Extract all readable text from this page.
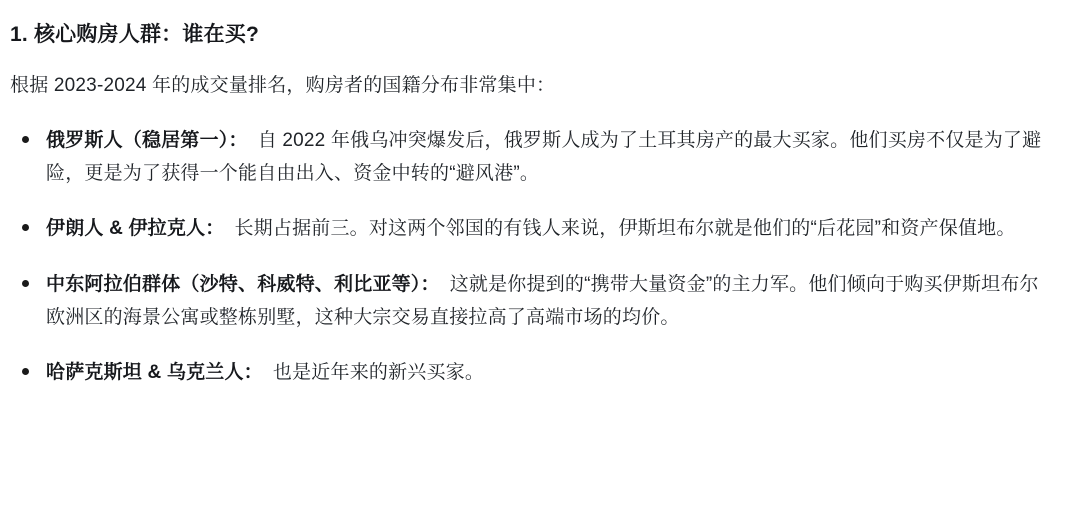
1. 核心购房人群：谁在买?

根据 2023-2024 年的成交量排名，购房者的国籍分布非常集中：

俄罗斯人（稳居第一）： 自 2022 年俄乌冲突爆发后，俄罗斯人成为了土耳其房产的最大买家。他们买房不仅是为了避险，更是为了获得一个能自由出入、资金中转的“避风港”。
伊朗人 & 伊拉克人： 长期占据前三。对这两个邻国的有钱人来说，伊斯坦布尔就是他们的“后花园”和资产保值地。
中东阿拉伯群体（沙特、科威特、利比亚等）： 这就是你提到的“携带大量资金”的主力军。他们倾向于购买伊斯坦布尔欧洲区的海景公寓或整栋别墅，这种大宗交易直接拉高了高端市场的均价。
哈萨克斯坦 & 乌克兰人： 也是近年来的新兴买家。
